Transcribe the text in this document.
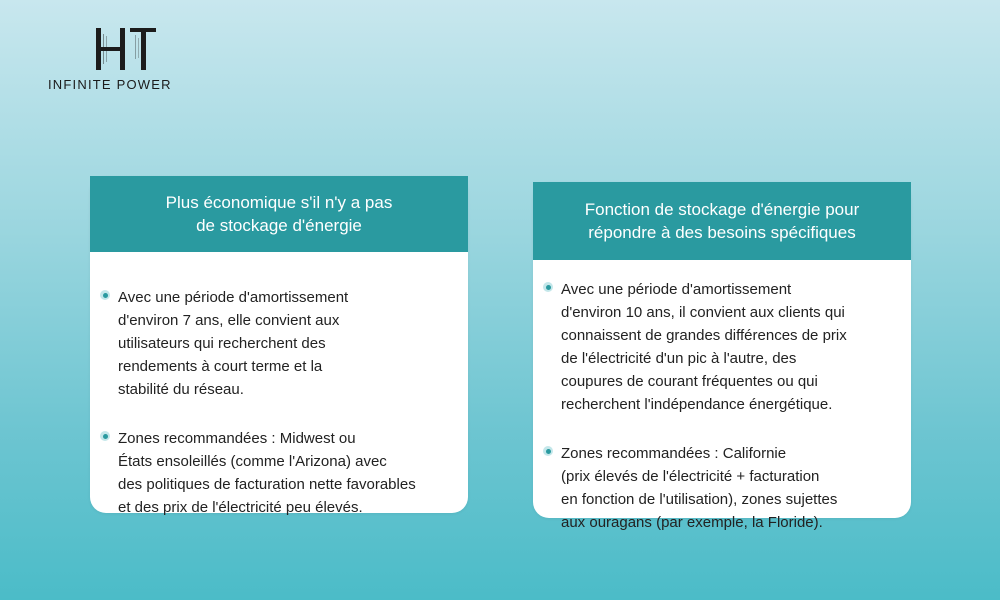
INFINITE POWER
Plus économique s'il n'y a pas
de stockage d'énergie
Avec une période d'amortissement
d'environ 7 ans, elle convient aux
utilisateurs qui recherchent des
rendements à court terme et la
stabilité du réseau.
Zones recommandées : Midwest ou
États ensoleillés (comme l'Arizona) avec
des politiques de facturation nette favorables
et des prix de l'électricité peu élevés.
Fonction de stockage d'énergie pour
répondre à des besoins spécifiques
Avec une période d'amortissement
d'environ 10 ans, il convient aux clients qui
connaissent de grandes différences de prix
de l'électricité d'un pic à l'autre, des
coupures de courant fréquentes ou qui
recherchent l'indépendance énergétique.
Zones recommandées : Californie
(prix élevés de l'électricité + facturation
en fonction de l'utilisation), zones sujettes
aux ouragans (par exemple, la Floride).
